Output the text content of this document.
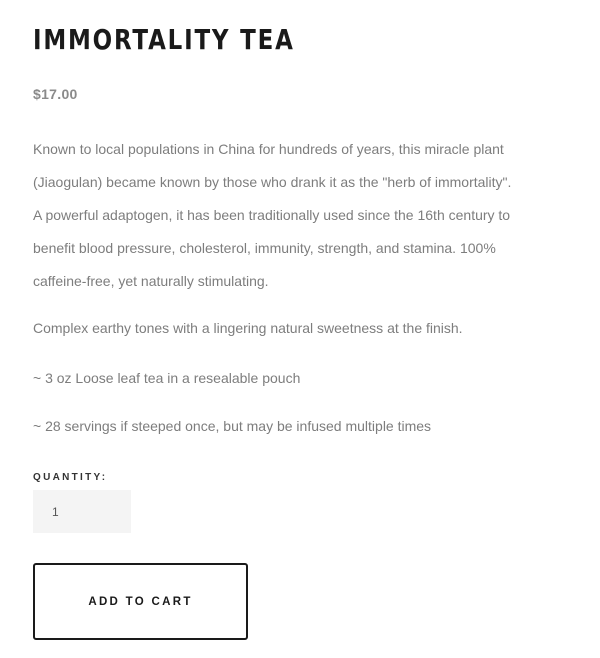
IMMORTALITY TEA
$17.00

Known to local populations in China for hundreds of years, this miracle plant
(Jiaogulan) became known by those who drank it as the "herb of immortality".
A powerful adaptogen, it has been traditionally used since the 16th century to
benefit blood pressure, cholesterol, immunity, strength, and stamina. 100%
caffeine-free, yet naturally stimulating.

Complex earthy tones with a lingering natural sweetness at the finish.

~ 3 oz Loose leaf tea in a resealable pouch

~ 28 servings if steeped once, but may be infused multiple times

QUANTITY:
1
ADD TO CART
